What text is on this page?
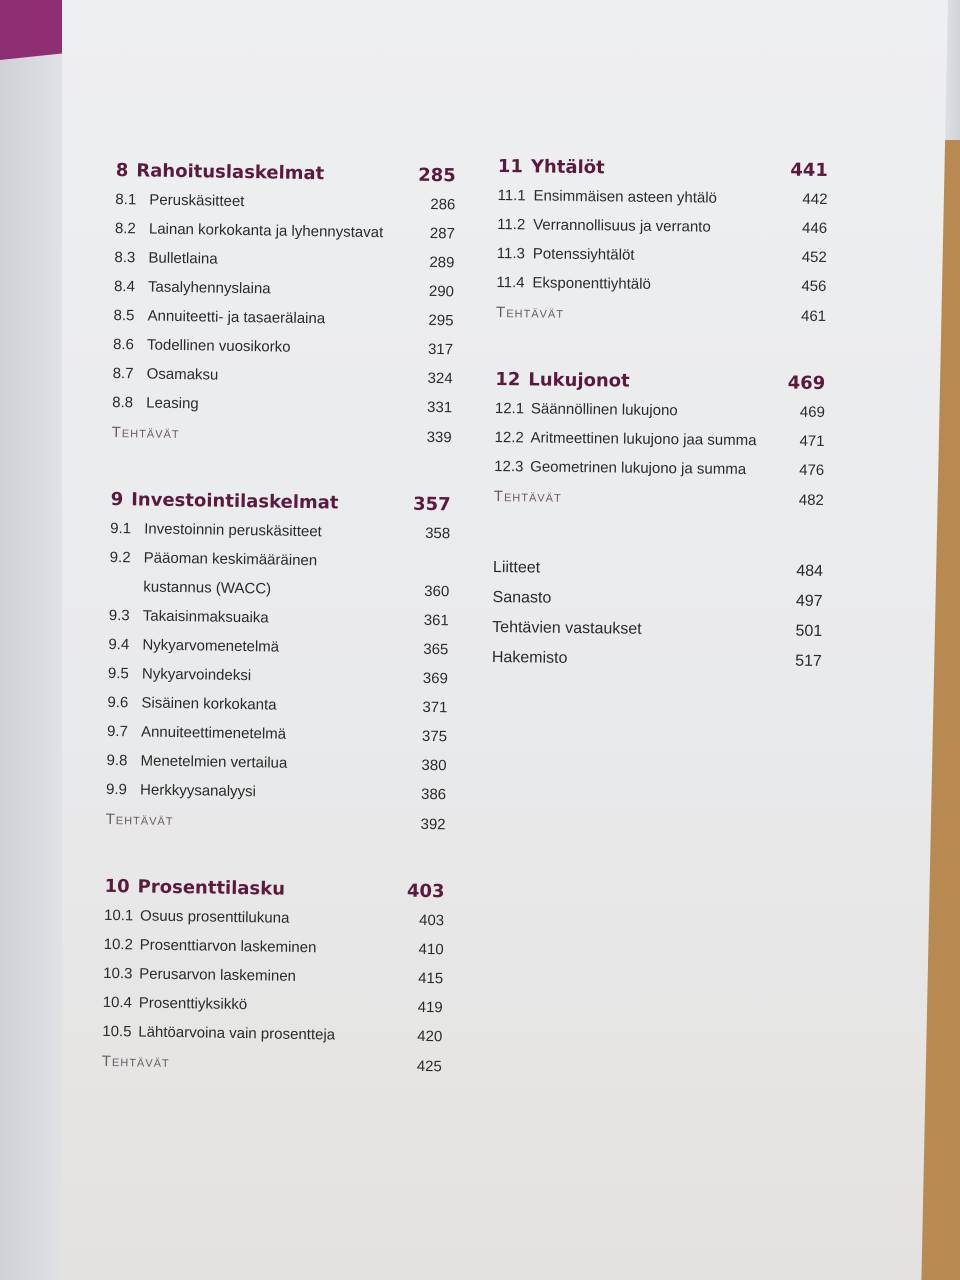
8 Rahoituslaskelmat	285
8.1 Peruskäsitteet	286
8.2 Lainan korkokanta ja lyhennystavat	287
8.3 Bulletlaina	289
8.4 Tasalyhennyslaina	290
8.5 Annuiteetti- ja tasaerälaina	295
8.6 Todellinen vuosikorko	317
8.7 Osamaksu	324
8.8 Leasing	331
Tehtävät	339
9 Investointilaskelmat	357
9.1 Investoinnin peruskäsitteet	358
9.2 Pääoman keskimääräinen
kustannus (WACC)	360
9.3 Takaisinmaksuaika	361
9.4 Nykyarvomenetelmä	365
9.5 Nykyarvoindeksi	369
9.6 Sisäinen korkokanta	371
9.7 Annuiteettimenetelmä	375
9.8 Menetelmien vertailua	380
9.9 Herkkyysanalyysi	386
Tehtävät	392
10 Prosenttilasku	403
10.1 Osuus prosenttilukuna	403
10.2 Prosenttiarvon laskeminen	410
10.3 Perusarvon laskeminen	415
10.4 Prosenttiyksikkö	419
10.5 Lähtöarvoina vain prosentteja	420
Tehtävät	425
11 Yhtälöt	441
11.1 Ensimmäisen asteen yhtälö	442
11.2 Verrannollisuus ja verranto	446
11.3 Potenssiyhtälöt	452
11.4 Eksponenttiyhtälö	456
Tehtävät	461
12 Lukujonot	469
12.1 Säännöllinen lukujono	469
12.2 Aritmeettinen lukujono jaa summa	471
12.3 Geometrinen lukujono ja summa	476
Tehtävät	482
Liitteet	484
Sanasto	497
Tehtävien vastaukset	501
Hakemisto	517
